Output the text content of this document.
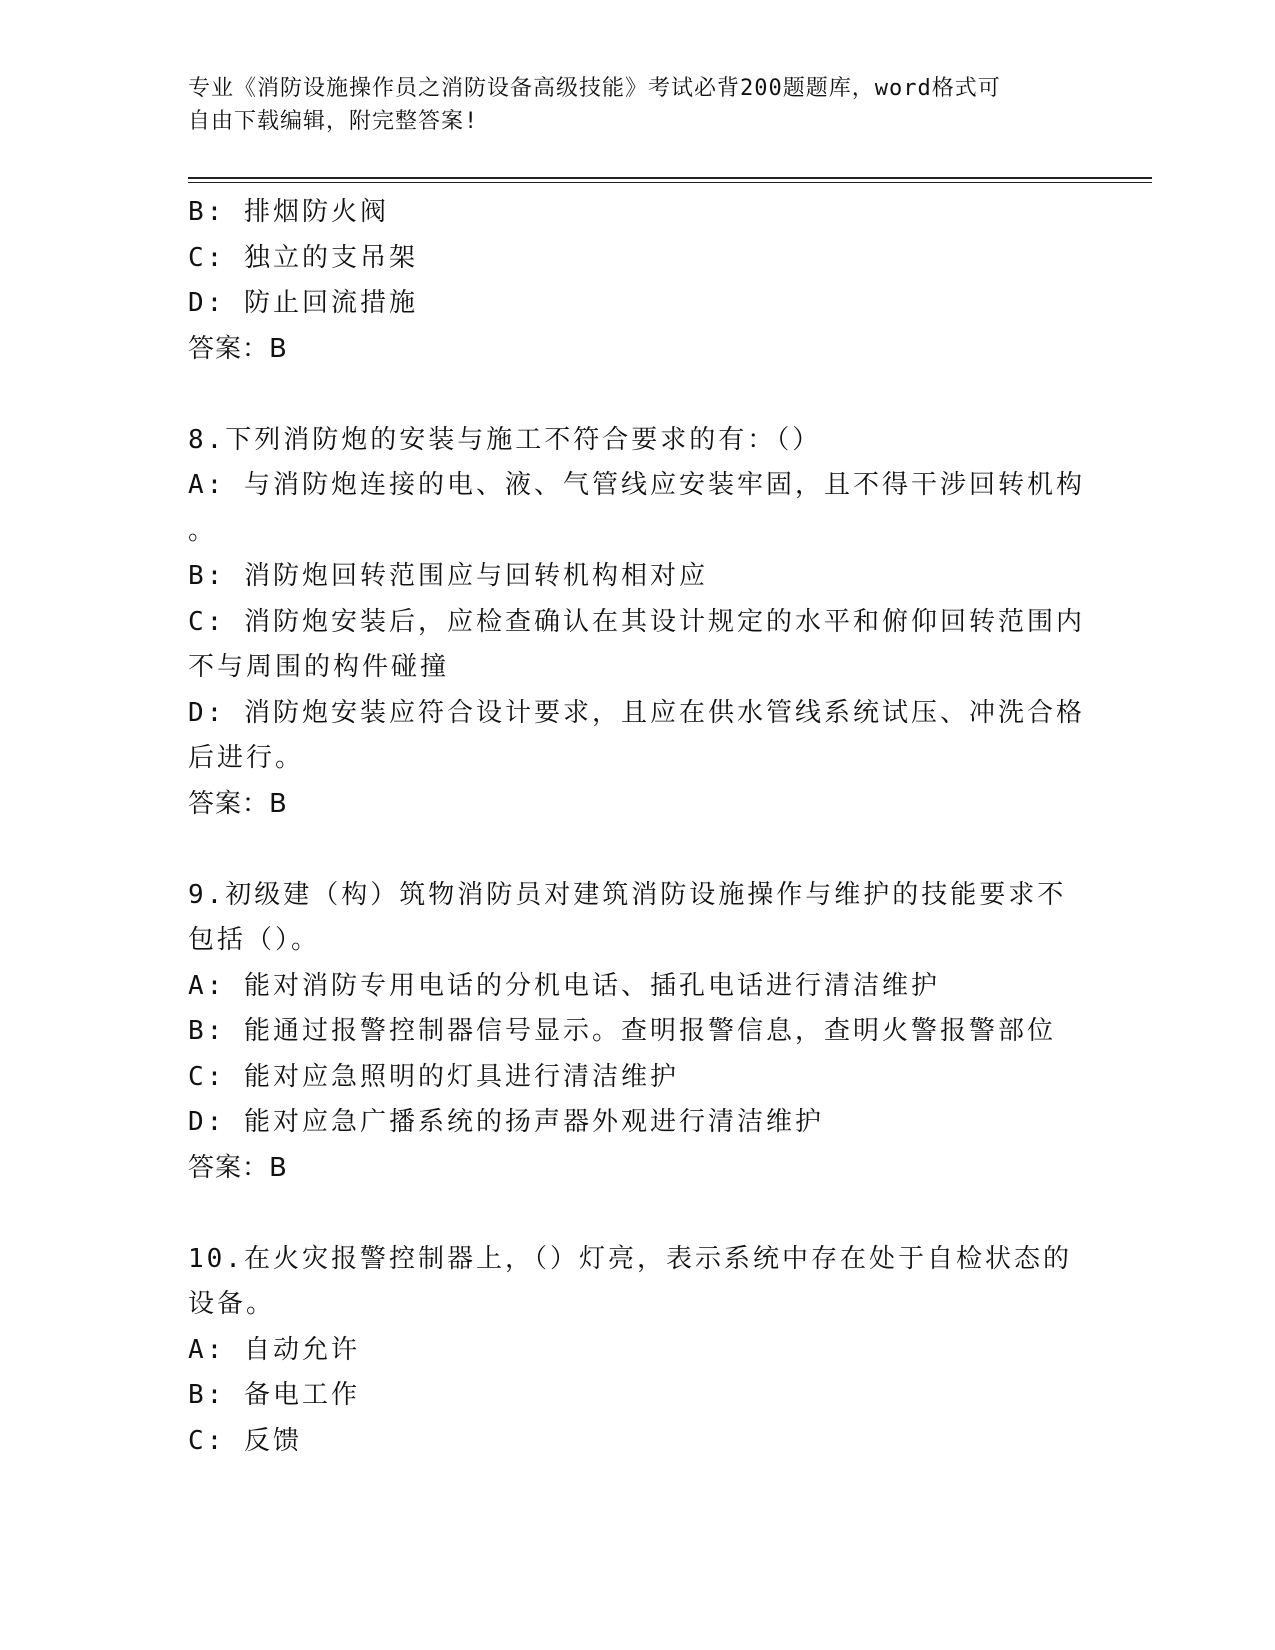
专业《消防设施操作员之消防设备高级技能》考试必背200题题库，word格式可
自由下载编辑，附完整答案!
B: 排烟防火阀
C: 独立的支吊架
D: 防止回流措施
答案：B
8.下列消防炮的安装与施工不符合要求的有：（）
A: 与消防炮连接的电、液、气管线应安装牢固，且不得干涉回转机构
。
B: 消防炮回转范围应与回转机构相对应
C: 消防炮安装后，应检查确认在其设计规定的水平和俯仰回转范围内
不与周围的构件碰撞
D: 消防炮安装应符合设计要求，且应在供水管线系统试压、冲洗合格
后进行。
答案：B
9.初级建（构）筑物消防员对建筑消防设施操作与维护的技能要求不
包括（）。
A: 能对消防专用电话的分机电话、插孔电话进行清洁维护
B: 能通过报警控制器信号显示。查明报警信息，查明火警报警部位
C: 能对应急照明的灯具进行清洁维护
D: 能对应急广播系统的扬声器外观进行清洁维护
答案：B
10.在火灾报警控制器上，（）灯亮，表示系统中存在处于自检状态的
设备。
A: 自动允许
B: 备电工作
C: 反馈
